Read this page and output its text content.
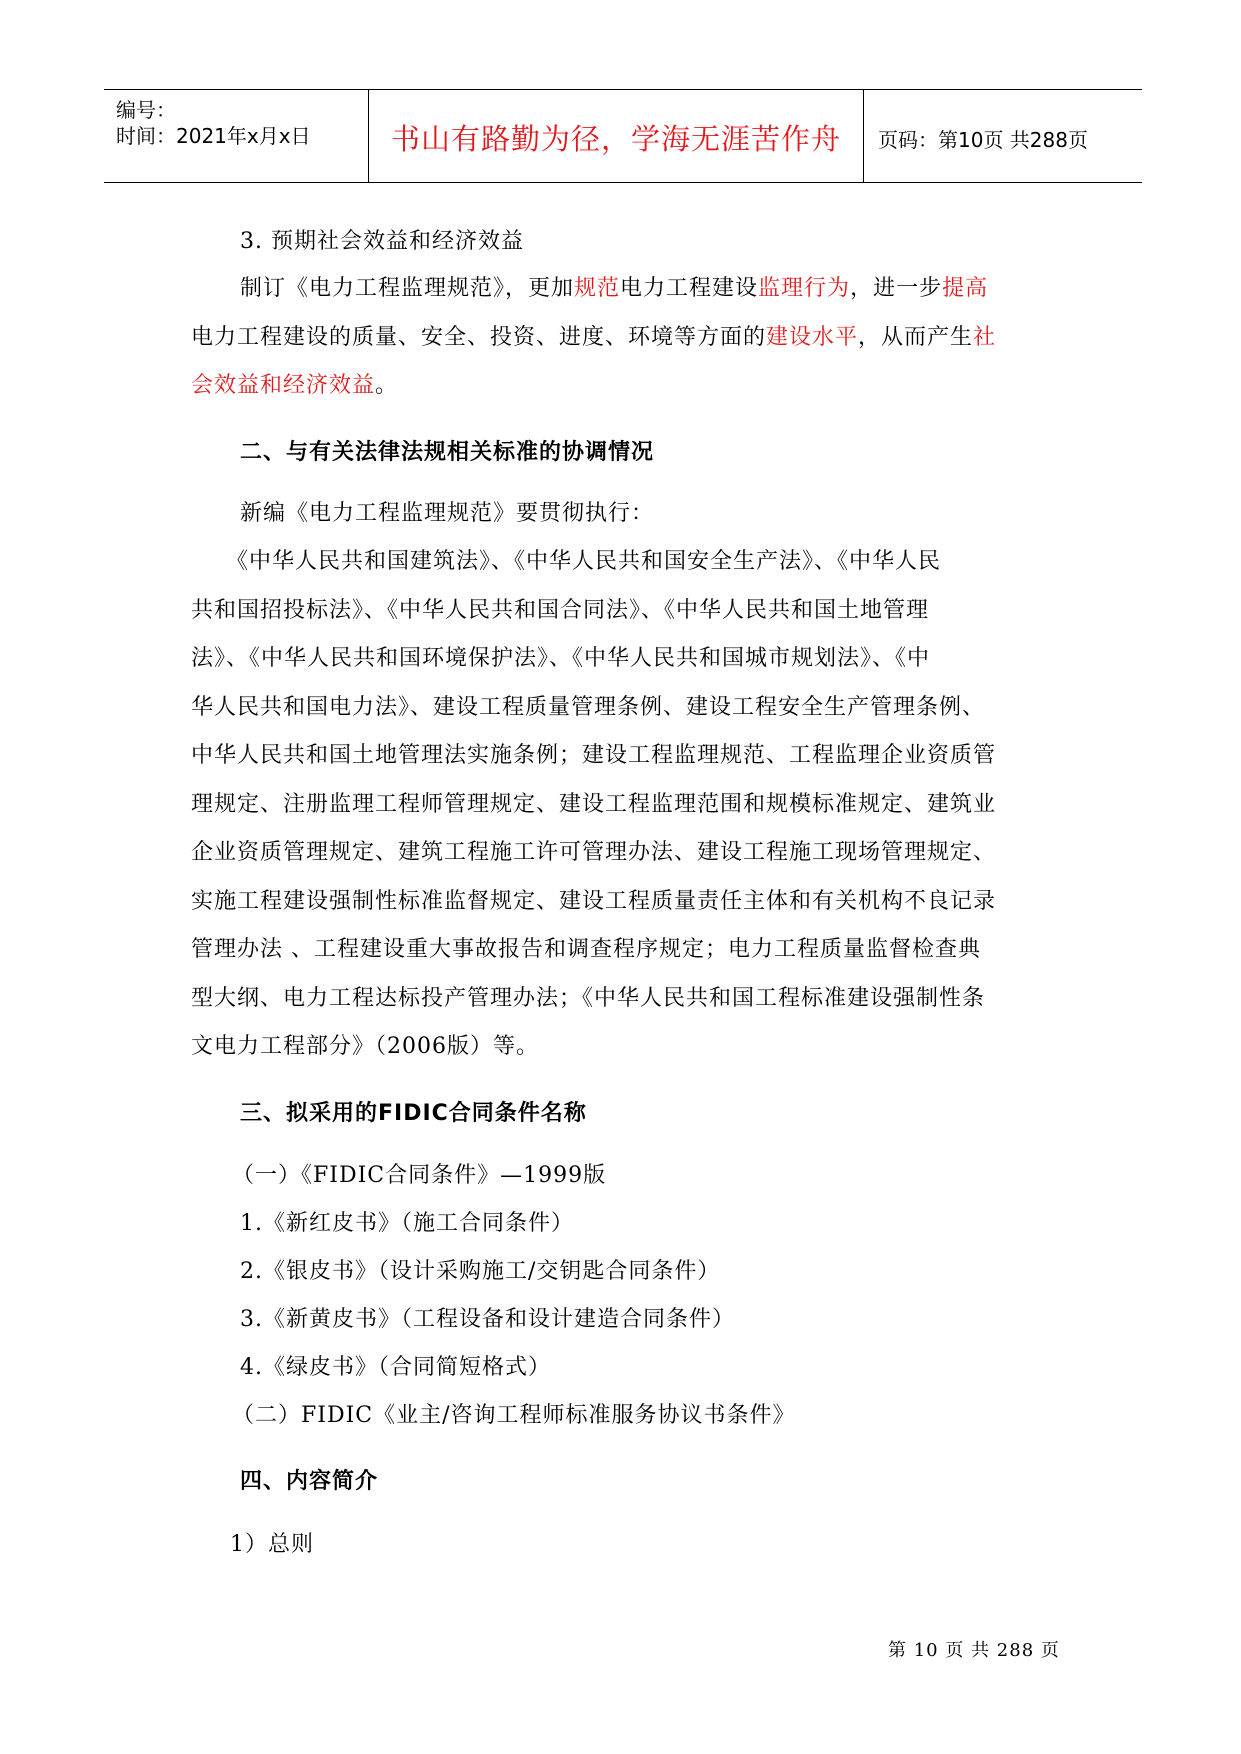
编号：
时间：2021年x月x日	书山有路勤为径，学海无涯苦作舟	页码：第10页 共288页
3. 预期社会效益和经济效益
制订《电力工程监理规范》，更加规范电力工程建设监理行为，进一步提高
电力工程建设的质量、安全、投资、进度、环境等方面的建设水平，从而产生社
会效益和经济效益。
二、与有关法律法规相关标准的协调情况
新编《电力工程监理规范》要贯彻执行：
《中华人民共和国建筑法》、《中华人民共和国安全生产法》、《中华人民
共和国招投标法》、《中华人民共和国合同法》、《中华人民共和国土地管理
法》、《中华人民共和国环境保护法》、《中华人民共和国城市规划法》、《中
华人民共和国电力法》、建设工程质量管理条例、建设工程安全生产管理条例、
中华人民共和国土地管理法实施条例；建设工程监理规范、工程监理企业资质管
理规定、注册监理工程师管理规定、建设工程监理范围和规模标准规定、建筑业
企业资质管理规定、建筑工程施工许可管理办法、建设工程施工现场管理规定、
实施工程建设强制性标准监督规定、建设工程质量责任主体和有关机构不良记录
管理办法 、工程建设重大事故报告和调查程序规定；电力工程质量监督检查典
型大纲、电力工程达标投产管理办法；《中华人民共和国工程标准建设强制性条
文电力工程部分》（2006版）等。
三、拟采用的FIDIC合同条件名称
（一）《FIDIC合同条件》—1999版
1.《新红皮书》（施工合同条件）
2.《银皮书》（设计采购施工/交钥匙合同条件）
3.《新黄皮书》（工程设备和设计建造合同条件）
4.《绿皮书》（合同简短格式）
（二）FIDIC《业主/咨询工程师标准服务协议书条件》
四、内容简介
1）总则
第 10 页 共 288 页
